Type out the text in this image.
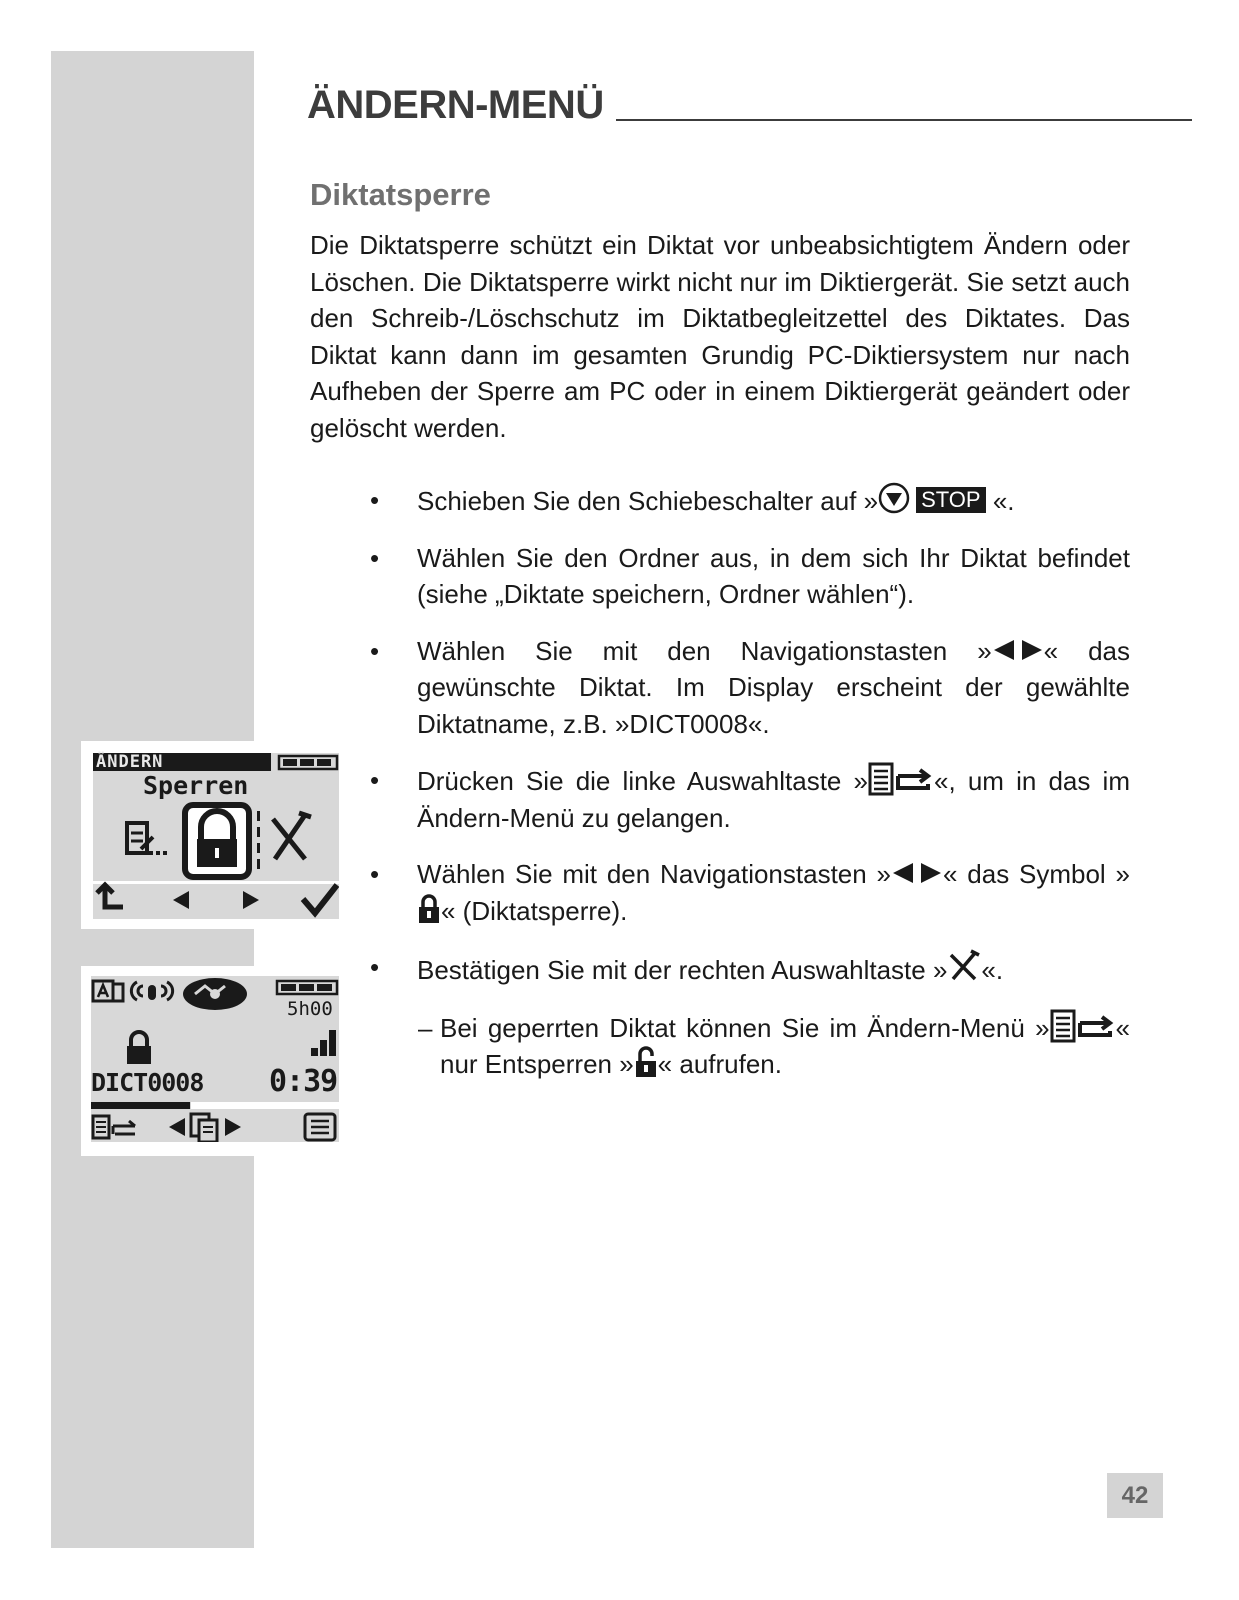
ÄNDERN-MENÜ
Diktatsperre

Die Diktatsperre schützt ein Diktat vor unbeabsichtigtem Ändern oder Löschen. Die Diktatsperre wirkt nicht nur im Diktiergerät. Sie setzt auch den Schreib-/Löschschutz im Diktatbegleitzettel des Diktates. Das Diktat kann dann im gesamten Grundig PC-Diktiersystem nur nach Aufheben der Sperre am PC oder in einem Diktiergerät geändert oder gelöscht werden.

ÄNDERN
Sperren
5h00
DICT0008 0:39
• Schieben Sie den Schiebeschalter auf » STOP «.
• Wählen Sie den Ordner aus, in dem sich Ihr Diktat befindet (siehe „Diktate speichern, Ordner wählen“).
• Wählen Sie mit den Navigationstasten » « das gewünschte Diktat. Im Display erscheint der gewählte Diktatname, z.B. »DICT0008«.
• Drücken Sie die linke Auswahltaste »	«, um in das im Ändern-Menü zu gelangen.
• Wählen Sie mit den Navigationstasten » « das Symbol »« (Diktatsperre).
• Bestätigen Sie mit der rechten Auswahltaste » «.
– Bei geperrten Diktat können Sie im Ändern-Menü »	« nur Entsperren » « aufrufen.
42
